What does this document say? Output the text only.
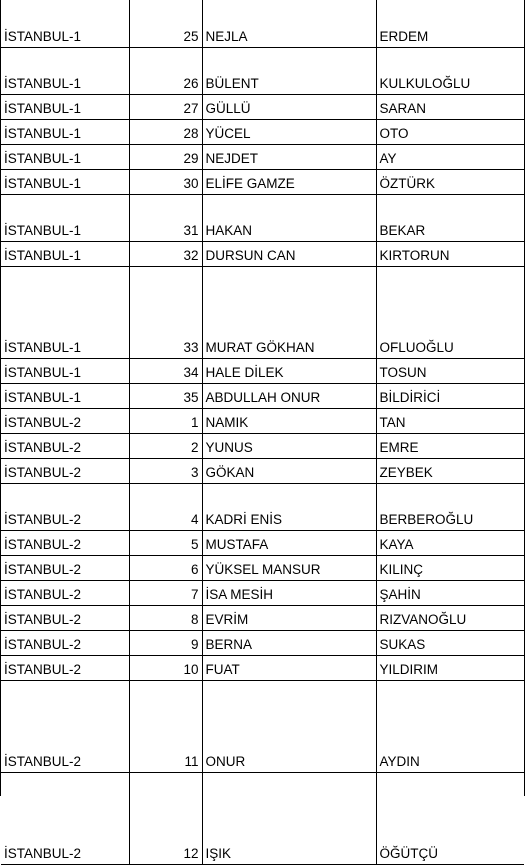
İSTANBUL-1	25	NEJLA	ERDEM
İSTANBUL-1	26	BÜLENT	KULKULOĞLU
İSTANBUL-1	27	GÜLLÜ	SARAN
İSTANBUL-1	28	YÜCEL	OTO
İSTANBUL-1	29	NEJDET	AY
İSTANBUL-1	30	ELİFE GAMZE	ÖZTÜRK
İSTANBUL-1	31	HAKAN	BEKAR
İSTANBUL-1	32	DURSUN CAN	KIRTORUN
İSTANBUL-1	33	MURAT GÖKHAN	OFLUOĞLU
İSTANBUL-1	34	HALE DİLEK	TOSUN
İSTANBUL-1	35	ABDULLAH ONUR	BİLDİRİCİ
İSTANBUL-2	1	NAMIK	TAN
İSTANBUL-2	2	YUNUS	EMRE
İSTANBUL-2	3	GÖKAN	ZEYBEK
İSTANBUL-2	4	KADRİ ENİS	BERBEROĞLU
İSTANBUL-2	5	MUSTAFA	KAYA
İSTANBUL-2	6	YÜKSEL MANSUR	KILINÇ
İSTANBUL-2	7	İSA MESİH	ŞAHİN
İSTANBUL-2	8	EVRİM	RIZVANOĞLU
İSTANBUL-2	9	BERNA	SUKAS
İSTANBUL-2	10	FUAT	YILDIRIM
İSTANBUL-2	11	ONUR	AYDIN
İSTANBUL-2	12	IŞIK	ÖĞÜTÇÜ
